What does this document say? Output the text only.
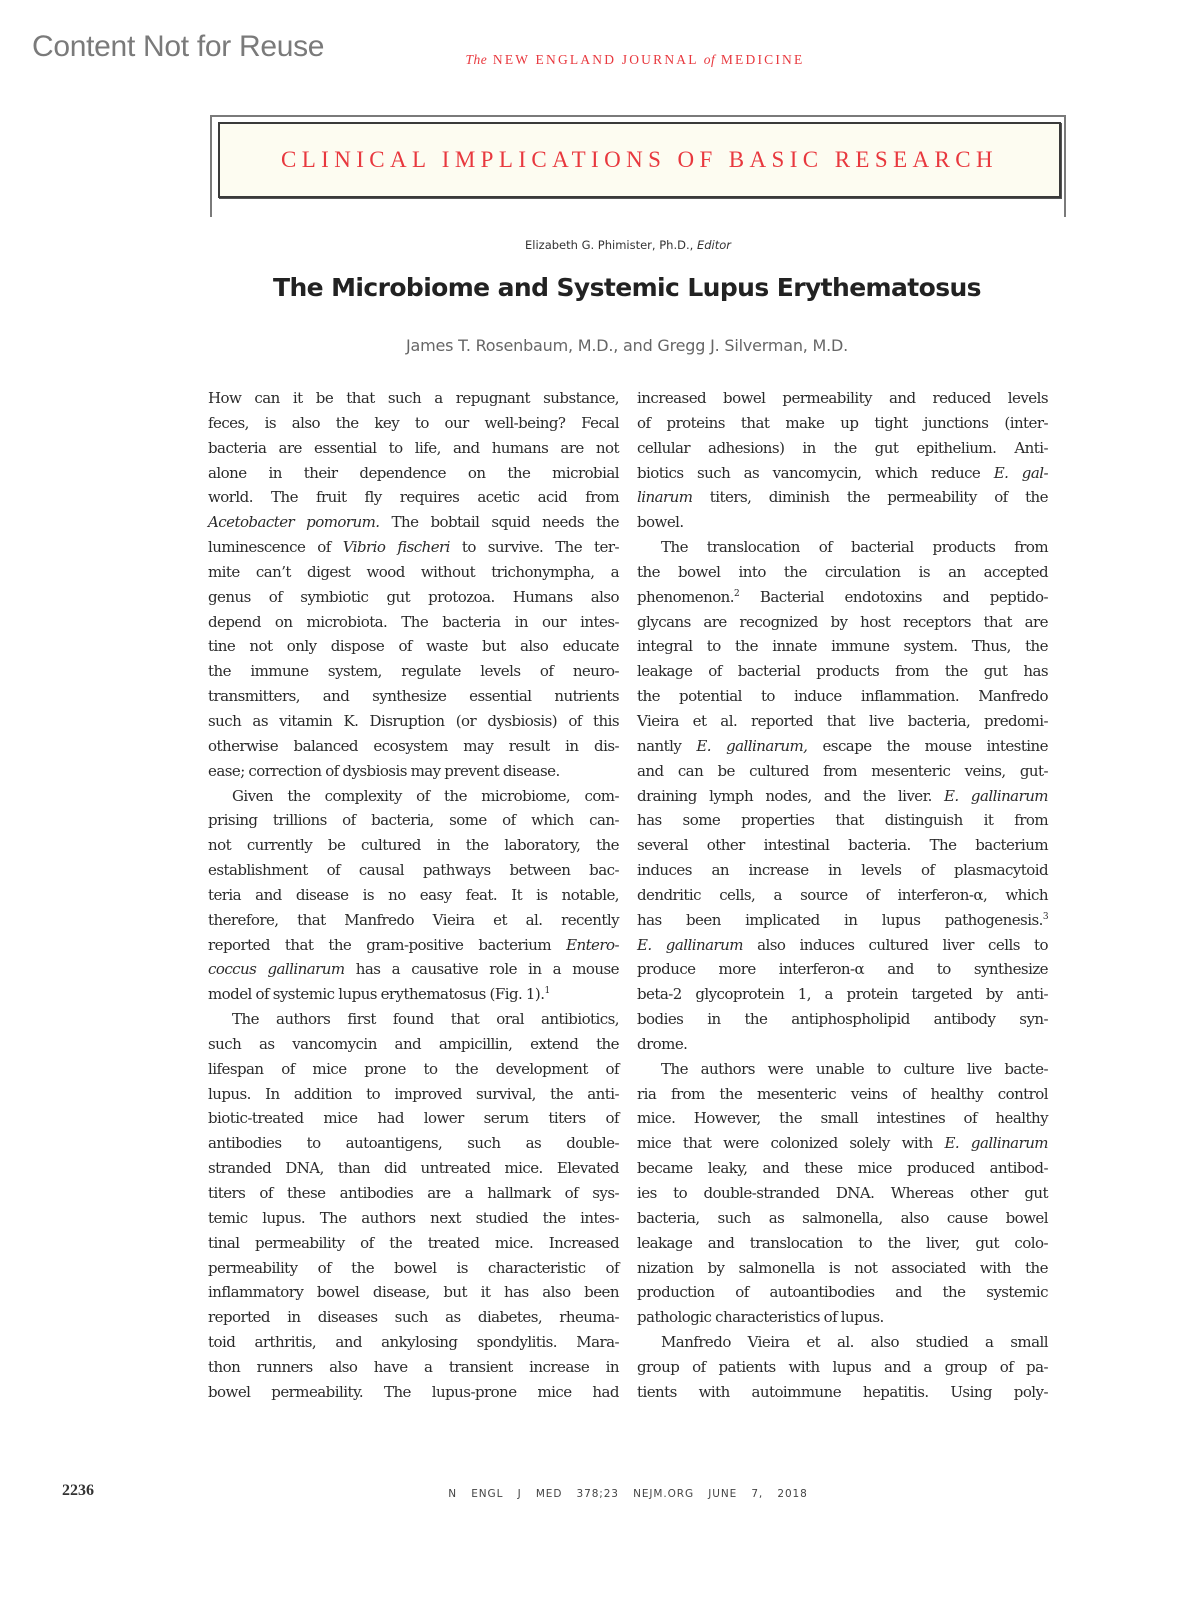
Content Not for Reuse	The NEW ENGLAND JOURNAL of MEDICINE
CLINICAL IMPLICATIONS OF BASIC RESEARCH
Elizabeth G. Phimister, Ph.D., Editor
The Microbiome and Systemic Lupus Erythematosus
James T. Rosenbaum, M.D., and Gregg J. Silverman, M.D.
How can it be that such a repugnant substance,
feces, is also the key to our well-being? Fecal
bacteria are essential to life, and humans are not
alone in their dependence on the microbial
world. The fruit fly requires acetic acid from
Acetobacter pomorum. The bobtail squid needs the
luminescence of Vibrio fischeri to survive. The ter-
mite can’t digest wood without trichonympha, a
genus of symbiotic gut protozoa. Humans also
depend on microbiota. The bacteria in our intes-
tine not only dispose of waste but also educate
the immune system, regulate levels of neuro-
transmitters, and synthesize essential nutrients
such as vitamin K. Disruption (or dysbiosis) of this
otherwise balanced ecosystem may result in dis-
ease; correction of dysbiosis may prevent disease.
Given the complexity of the microbiome, com-
prising trillions of bacteria, some of which can-
not currently be cultured in the laboratory, the
establishment of causal pathways between bac-
teria and disease is no easy feat. It is notable,
therefore, that Manfredo Vieira et al. recently
reported that the gram-positive bacterium Entero-
coccus gallinarum has a causative role in a mouse
model of systemic lupus erythematosus (Fig. 1).$^1$
The authors first found that oral antibiotics,
such as vancomycin and ampicillin, extend the
lifespan of mice prone to the development of
lupus. In addition to improved survival, the anti-
biotic-treated mice had lower serum titers of
antibodies to autoantigens, such as double-
stranded DNA, than did untreated mice. Elevated
titers of these antibodies are a hallmark of sys-
temic lupus. The authors next studied the intes-
tinal permeability of the treated mice. Increased
permeability of the bowel is characteristic of
inflammatory bowel disease, but it has also been
reported in diseases such as diabetes, rheuma-
toid arthritis, and ankylosing spondylitis. Mara-
thon runners also have a transient increase in
bowel permeability. The lupus-prone mice had
increased bowel permeability and reduced levels
of proteins that make up tight junctions (inter-
cellular adhesions) in the gut epithelium. Anti-
biotics such as vancomycin, which reduce E. gal-
linarum titers, diminish the permeability of the
bowel.
The translocation of bacterial products from
the bowel into the circulation is an accepted
phenomenon.$^2$ Bacterial endotoxins and peptido-
glycans are recognized by host receptors that are
integral to the innate immune system. Thus, the
leakage of bacterial products from the gut has
the potential to induce inflammation. Manfredo
Vieira et al. reported that live bacteria, predomi-
nantly E. gallinarum, escape the mouse intestine
and can be cultured from mesenteric veins, gut-
draining lymph nodes, and the liver. E. gallinarum
has some properties that distinguish it from
several other intestinal bacteria. The bacterium
induces an increase in levels of plasmacytoid
dendritic cells, a source of interferon-α, which
has been implicated in lupus pathogenesis.$^3$
E. gallinarum also induces cultured liver cells to
produce more interferon-α and to synthesize
beta-2 glycoprotein 1, a protein targeted by anti-
bodies in the antiphospholipid antibody syn-
drome.
The authors were unable to culture live bacte-
ria from the mesenteric veins of healthy control
mice. However, the small intestines of healthy
mice that were colonized solely with E. gallinarum
became leaky, and these mice produced antibod-
ies to double-stranded DNA. Whereas other gut
bacteria, such as salmonella, also cause bowel
leakage and translocation to the liver, gut colo-
nization by salmonella is not associated with the
production of autoantibodies and the systemic
pathologic characteristics of lupus.
Manfredo Vieira et al. also studied a small
group of patients with lupus and a group of pa-
tients with autoimmune hepatitis. Using poly-
2236	N ENGL J MED 378;23 NEJM.ORG JUNE 7, 2018
